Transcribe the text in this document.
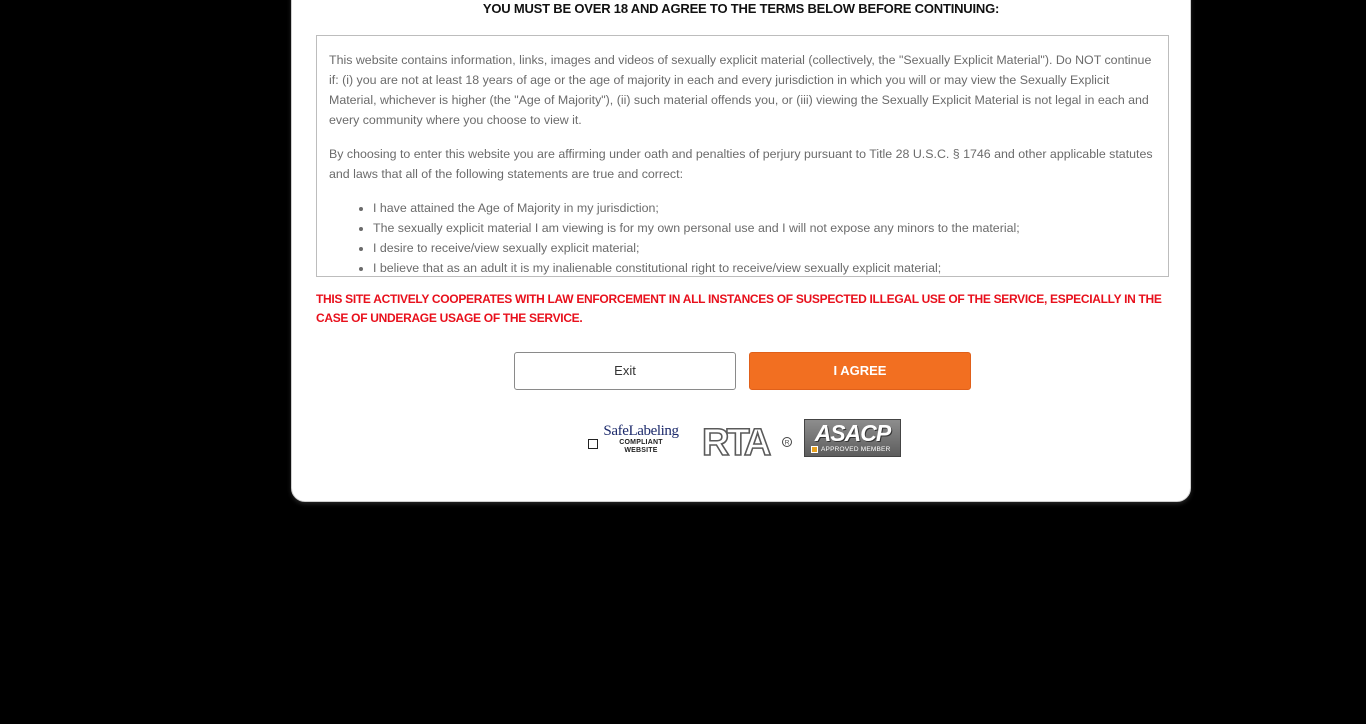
YOU MUST BE OVER 18 AND AGREE TO THE TERMS BELOW BEFORE CONTINUING:

This website contains information, links, images and videos of sexually explicit material (collectively, the "Sexually Explicit Material"). Do NOT continue if: (i) you are not at least 18 years of age or the age of majority in each and every jurisdiction in which you will or may view the Sexually Explicit Material, whichever is higher (the "Age of Majority"), (ii) such material offends you, or (iii) viewing the Sexually Explicit Material is not legal in each and every community where you choose to view it.

By choosing to enter this website you are affirming under oath and penalties of perjury pursuant to Title 28 U.S.C. § 1746 and other applicable statutes and laws that all of the following statements are true and correct:

• I have attained the Age of Majority in my jurisdiction;
• The sexually explicit material I am viewing is for my own personal use and I will not expose any minors to the material;
• I desire to receive/view sexually explicit material;
• I believe that as an adult it is my inalienable constitutional right to receive/view sexually explicit material;
THIS SITE ACTIVELY COOPERATES WITH LAW ENFORCEMENT IN ALL INSTANCES OF SUSPECTED ILLEGAL USE OF THE SERVICE, ESPECIALLY IN THE CASE OF UNDERAGE USAGE OF THE SERVICE.
Exit	I AGREE
SafeLabeling
COMPLIANT
WEBSITE	RTA	R	ASACP
APPROVED MEMBER
